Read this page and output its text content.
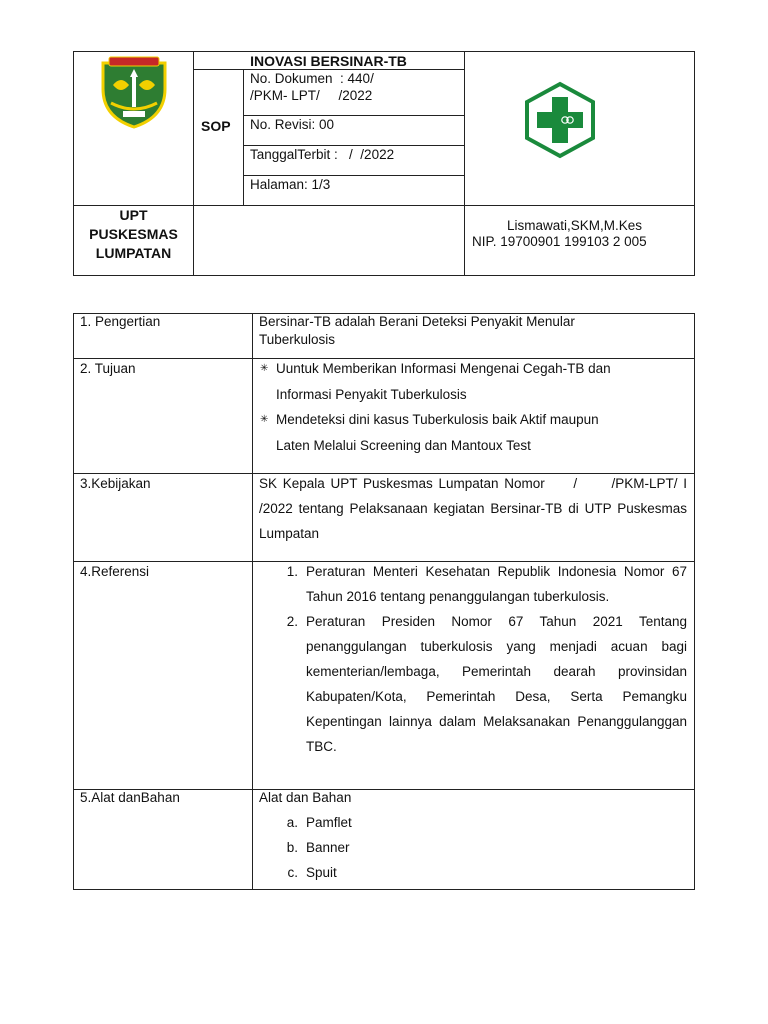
INOVASI BERSINAR-TB
SOP
No. Dokumen  : 440/
/PKM- LPT/     /2022
No. Revisi: 00
TanggalTerbit :   /  /2022
Halaman: 1/3
UPT
PUSKESMAS
LUMPATAN
Lismawati,SKM,M.Kes
NIP. 19700901 199103 2 005
1. Pengertian	Bersinar-TB adalah Berani Deteksi Penyakit Menular
Tuberkulosis
2. Tujuan	✳ Uuntuk Memberikan Informasi Mengenai Cegah-TB dan
Informasi Penyakit Tuberkulosis
✳ Mendeteksi dini kasus Tuberkulosis baik Aktif maupun
Laten Melalui Screening dan Mantoux Test
3.Kebijakan	SK Kepala UPT Puskesmas Lumpatan Nomor     /      /PKM-LPT/ I /2022 tentang Pelaksanaan kegiatan Bersinar-TB di UTP Puskesmas Lumpatan
4.Referensi	1. Peraturan Menteri Kesehatan Republik Indonesia Nomor 67 Tahun 2016 tentang penanggulangan tuberkulosis.
2. Peraturan Presiden Nomor 67 Tahun 2021 Tentang penanggulangan tuberkulosis yang menjadi acuan bagi kementerian/lembaga, Pemerintah dearah provinsidan Kabupaten/Kota, Pemerintah Desa, Serta Pemangku Kepentingan lainnya dalam Melaksanakan Penanggulanggan TBC.
5.Alat danBahan	Alat dan Bahan
a. Pamflet
b. Banner
c. Spuit
